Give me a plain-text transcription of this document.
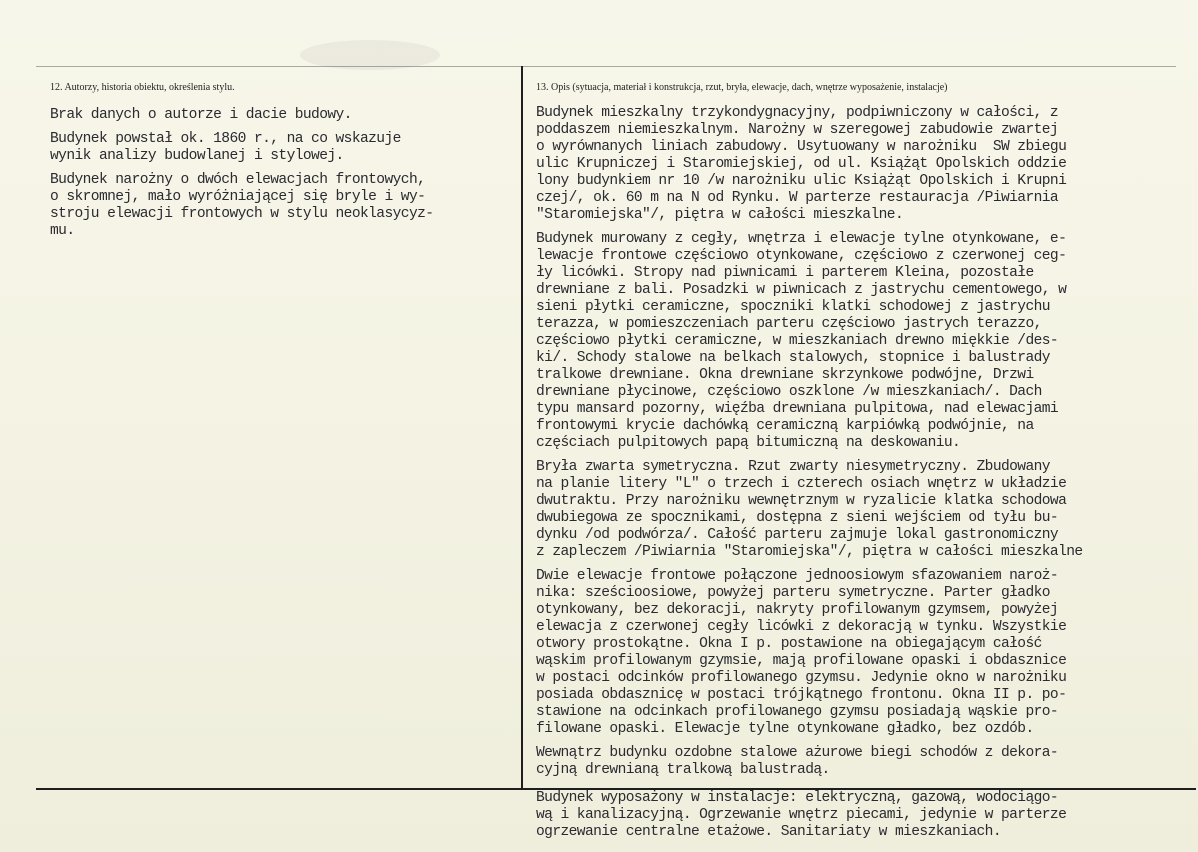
12. Autorzy, historia obiektu, określenia stylu.	13. Opis (sytuacja, materiał i konstrukcja, rzut, bryła, elewacje, dach, wnętrze wyposażenie, instalacje)
Brak danych o autorze i dacie budowy.
Budynek powstał ok. 1860 r., na co wskazuje
wynik analizy budowlanej i stylowej.
Budynek narożny o dwóch elewacjach frontowych,
o skromnej, mało wyróżniającej się bryle i wy-
stroju elewacji frontowych w stylu neoklasycyz-
mu.
Budynek mieszkalny trzykondygnacyjny, podpiwniczony w całości, z
poddaszem niemieszkalnym. Narożny w szeregowej zabudowie zwartej
o wyrównanych liniach zabudowy. Usytuowany w narożniku  SW zbiegu
ulic Krupniczej i Staromiejskiej, od ul. Książąt Opolskich oddzie
lony budynkiem nr 10 /w narożniku ulic Książąt Opolskich i Krupni
czej/, ok. 60 m na N od Rynku. W parterze restauracja /Piwiarnia
"Staromiejska"/, piętra w całości mieszkalne.
Budynek murowany z cegły, wnętrza i elewacje tylne otynkowane, e-
lewacje frontowe częściowo otynkowane, częściowo z czerwonej ceg-
ły licówki. Stropy nad piwnicami i parterem Kleina, pozostałe
drewniane z bali. Posadzki w piwnicach z jastrychu cementowego, w
sieni płytki ceramiczne, spoczniki klatki schodowej z jastrychu
terazza, w pomieszczeniach parteru częściowo jastrych terazzo,
częściowo płytki ceramiczne, w mieszkaniach drewno miękkie /des-
ki/. Schody stalowe na belkach stalowych, stopnice i balustrady
tralkowe drewniane. Okna drewniane skrzynkowe podwójne, Drzwi
drewniane płycinowe, częściowo oszklone /w mieszkaniach/. Dach
typu mansard pozorny, więźba drewniana pulpitowa, nad elewacjami
frontowymi krycie dachówką ceramiczną karpiówką podwójnie, na
częściach pulpitowych papą bitumiczną na deskowaniu.
Bryła zwarta symetryczna. Rzut zwarty niesymetryczny. Zbudowany
na planie litery "L" o trzech i czterech osiach wnętrz w układzie
dwutraktu. Przy narożniku wewnętrznym w ryzalicie klatka schodowa
dwubiegowa ze spocznikami, dostępna z sieni wejściem od tyłu bu-
dynku /od podwórza/. Całość parteru zajmuje lokal gastronomiczny
z zapleczem /Piwiarnia "Staromiejska"/, piętra w całości mieszkalne
Dwie elewacje frontowe połączone jednoosiowym sfazowaniem naroż-
nika: sześcioosiowe, powyżej parteru symetryczne. Parter gładko
otynkowany, bez dekoracji, nakryty profilowanym gzymsem, powyżej
elewacja z czerwonej cegły licówki z dekoracją w tynku. Wszystkie
otwory prostokątne. Okna I p. postawione na obiegającym całość
wąskim profilowanym gzymsie, mają profilowane opaski i obdasznice
w postaci odcinków profilowanego gzymsu. Jedynie okno w narożniku
posiada obdasznicę w postaci trójkątnego frontonu. Okna II p. po-
stawione na odcinkach profilowanego gzymsu posiadają wąskie pro-
filowane opaski. Elewacje tylne otynkowane gładko, bez ozdób.
Wewnątrz budynku ozdobne stalowe ażurowe biegi schodów z dekora-
cyjną drewnianą tralkową balustradą.
Budynek wyposażony w instalacje: elektryczną, gazową, wodociągo-
wą i kanalizacyjną. Ogrzewanie wnętrz piecami, jedynie w parterze
ogrzewanie centralne etażowe. Sanitariaty w mieszkaniach.
